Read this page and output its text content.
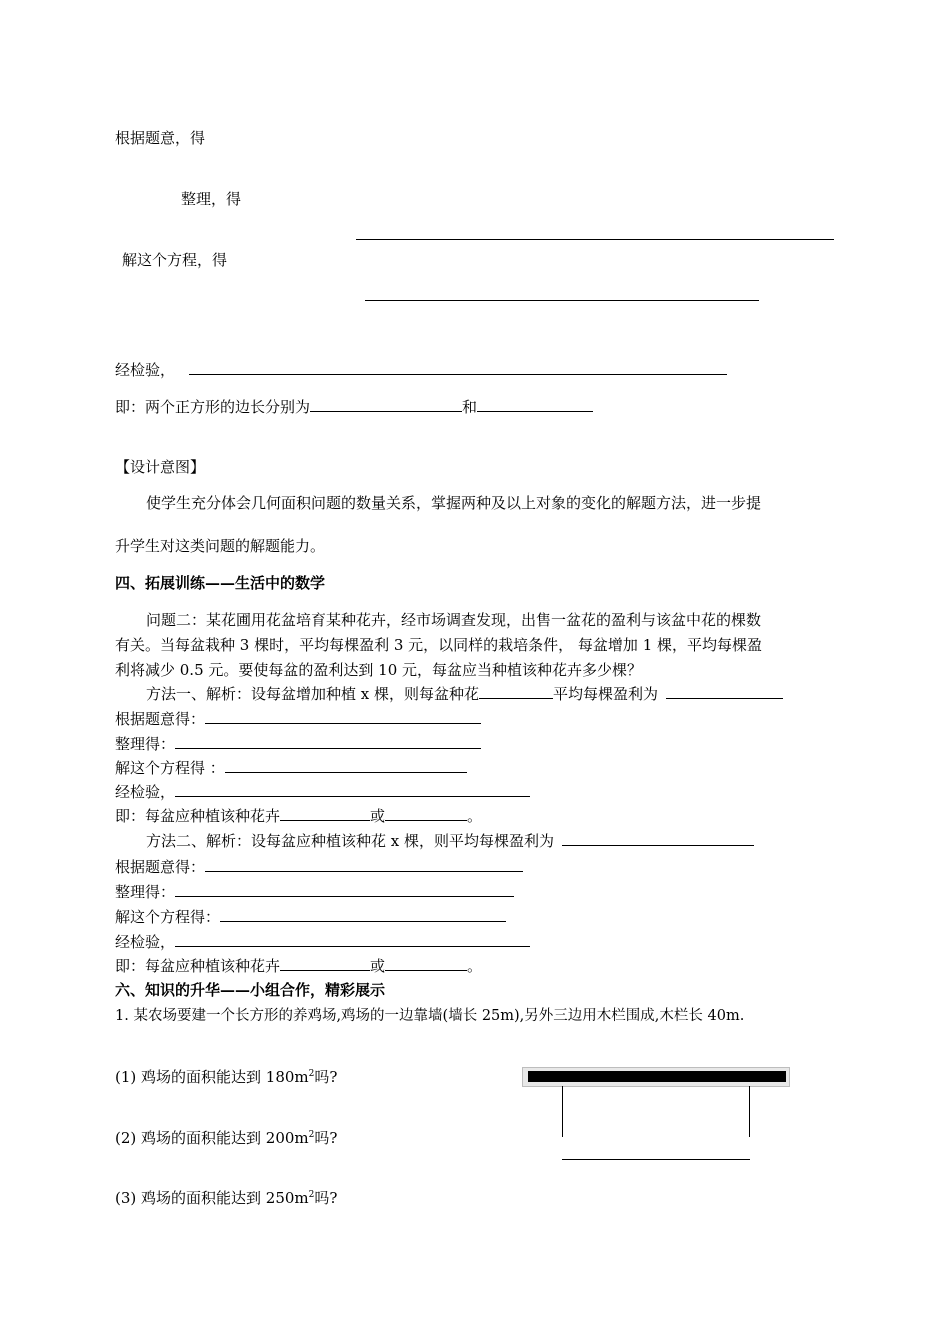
根据题意，得
整理，得
解这个方程，得
经检验，
即：两个正方形的边长分别为	和
【设计意图】
使学生充分体会几何面积问题的数量关系，掌握两种及以上对象的变化的解题方法，进一步提
升学生对这类问题的解题能力。
四、拓展训练——生活中的数学
问题二：某花圃用花盆培育某种花卉，经市场调查发现，出售一盆花的盈利与该盆中花的棵数
有关。当每盆栽种 3 棵时，平均每棵盈利 3 元，以同样的栽培条件， 每盆增加 1 棵，平均每棵盈
利将减少 0.5 元。要使每盆的盈利达到 10 元，每盆应当种植该种花卉多少棵？
方法一、解析：设每盆增加种植 x 棵，则每盆种花	平均每棵盈利为
根据题意得：
整理得：
解这个方程得 ：
经检验，
即：每盆应种植该种花卉	或	。
方法二、解析：设每盆应种植该种花 x 棵，则平均每棵盈利为
根据题意得：
整理得：
解这个方程得：
经检验，
即：每盆应种植该种花卉	或	。
六、知识的升华——小组合作，精彩展示
1. 某农场要建一个长方形的养鸡场,鸡场的一边靠墙(墙长 25m),另外三边用木栏围成,木栏长 40m.
(1) 鸡场的面积能达到 $180m^2$吗?
(2) 鸡场的面积能达到 $200m^2$吗?
(3) 鸡场的面积能达到 $250m^2$吗?
